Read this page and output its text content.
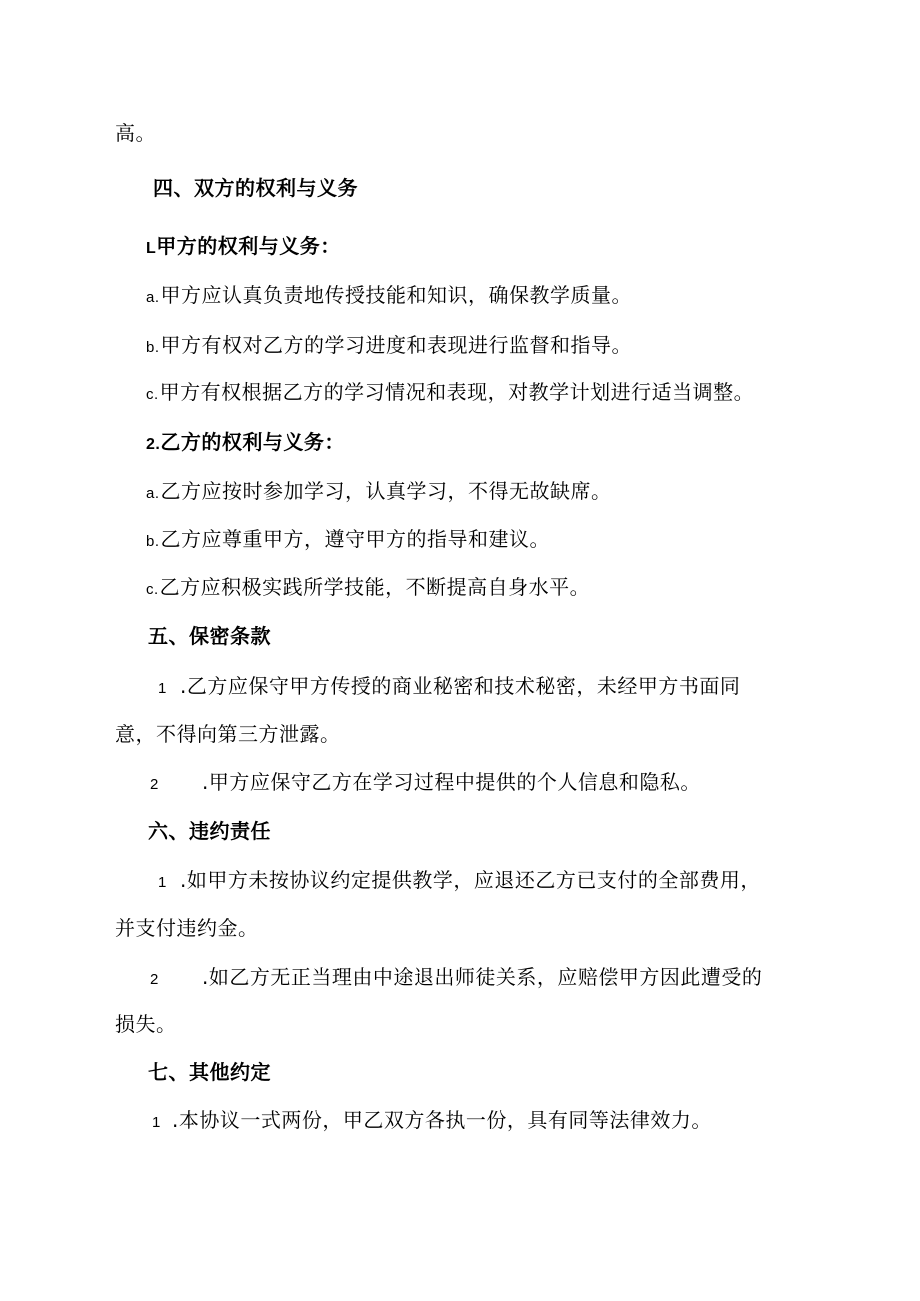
高。
四、双方的权利与义务
L甲方的权利与义务：
a.甲方应认真负责地传授技能和知识，确保教学质量。
b.甲方有权对乙方的学习进度和表现进行监督和指导。
c.甲方有权根据乙方的学习情况和表现，对教学计划进行适当调整。
2.乙方的权利与义务：
a.乙方应按时参加学习，认真学习，不得无故缺席。
b.乙方应尊重甲方，遵守甲方的指导和建议。
c.乙方应积极实践所学技能，不断提高自身水平。
五、保密条款
1 .乙方应保守甲方传授的商业秘密和技术秘密，未经甲方书面同
意，不得向第三方泄露。
2 .甲方应保守乙方在学习过程中提供的个人信息和隐私。
六、违约责任
1 .如甲方未按协议约定提供教学，应退还乙方已支付的全部费用，
并支付违约金。
2 .如乙方无正当理由中途退出师徒关系，应赔偿甲方因此遭受的
损失。
七、其他约定
1 .本协议一式两份，甲乙双方各执一份，具有同等法律效力。
